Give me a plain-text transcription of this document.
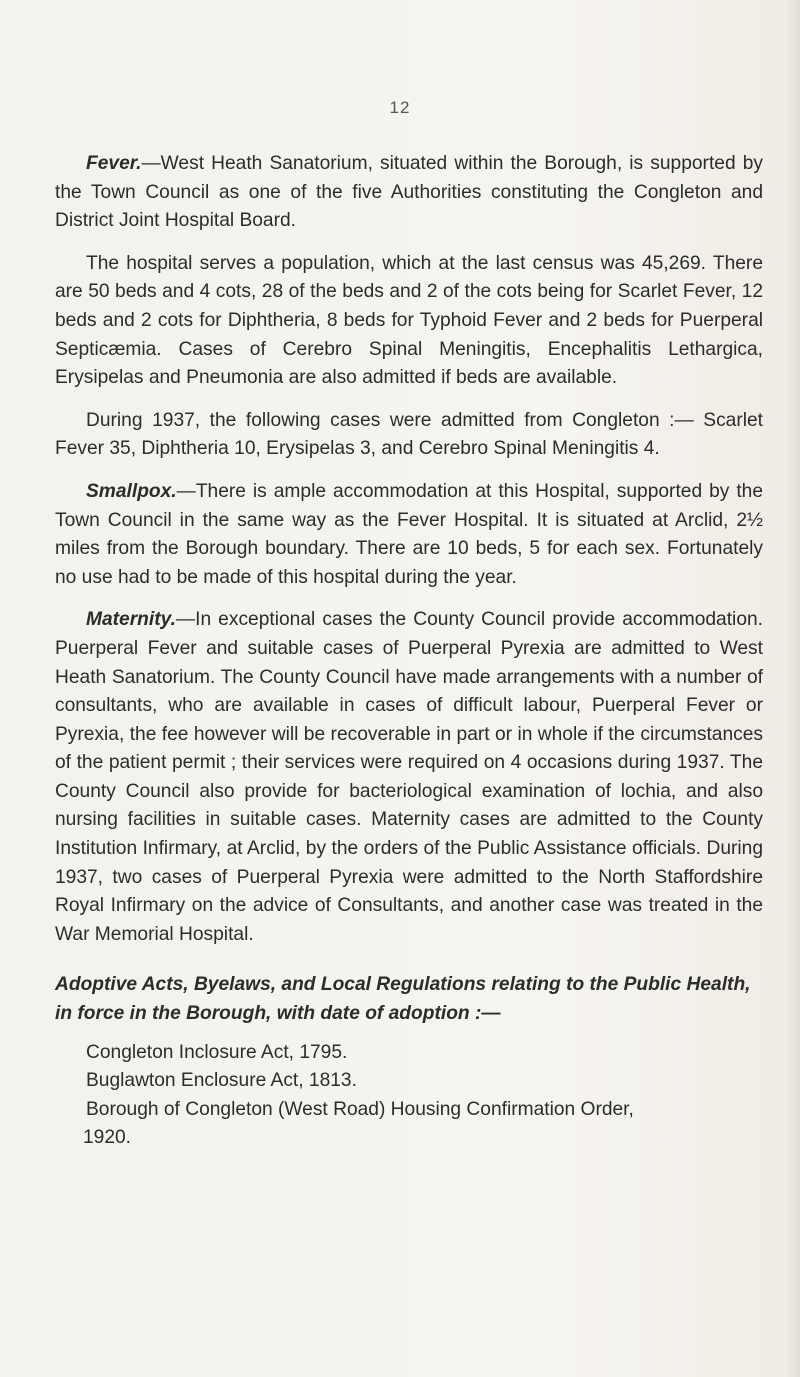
12

Fever.—West Heath Sanatorium, situated within the Borough, is supported by the Town Council as one of the five Authorities constituting the Congleton and District Joint Hospital Board.

The hospital serves a population, which at the last census was 45,269. There are 50 beds and 4 cots, 28 of the beds and 2 of the cots being for Scarlet Fever, 12 beds and 2 cots for Diphtheria, 8 beds for Typhoid Fever and 2 beds for Puerperal Septicæmia. Cases of Cerebro Spinal Meningitis, Encephalitis Lethargica, Erysipelas and Pneumonia are also admitted if beds are available.

During 1937, the following cases were admitted from Congleton :— Scarlet Fever 35, Diphtheria 10, Erysipelas 3, and Cerebro Spinal Meningitis 4.

Smallpox.—There is ample accommodation at this Hospital, supported by the Town Council in the same way as the Fever Hospital. It is situated at Arclid, 2½ miles from the Borough boundary. There are 10 beds, 5 for each sex. Fortunately no use had to be made of this hospital during the year.

Maternity.—In exceptional cases the County Council provide accommodation. Puerperal Fever and suitable cases of Puerperal Pyrexia are admitted to West Heath Sanatorium. The County Council have made arrangements with a number of consultants, who are available in cases of difficult labour, Puerperal Fever or Pyrexia, the fee however will be recoverable in part or in whole if the circumstances of the patient permit ; their services were required on 4 occasions during 1937. The County Council also provide for bacteriological examination of lochia, and also nursing facilities in suitable cases. Maternity cases are admitted to the County Institution Infirmary, at Arclid, by the orders of the Public Assistance officials. During 1937, two cases of Puerperal Pyrexia were admitted to the North Staffordshire Royal Infirmary on the advice of Consultants, and another case was treated in the War Memorial Hospital.

Adoptive Acts, Byelaws, and Local Regulations relating to the Public Health, in force in the Borough, with date of adoption :—
Congleton Inclosure Act, 1795.
Buglawton Enclosure Act, 1813.
Borough of Congleton (West Road) Housing Confirmation Order,
1920.
